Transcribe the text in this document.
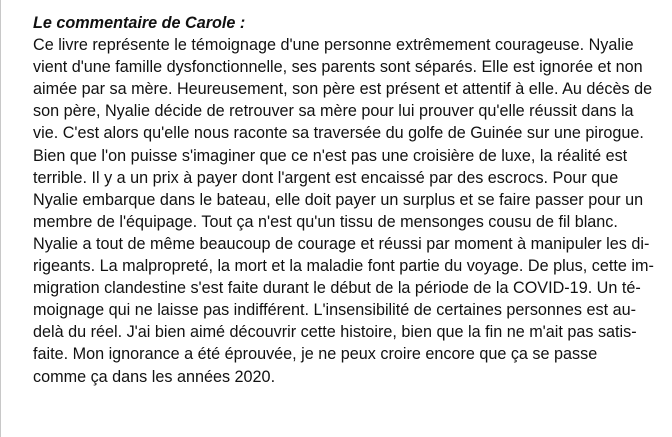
Le commentaire de Carole :
Ce livre représente le témoignage d'une personne extrêmement courageuse. Nyalie
vient d'une famille dysfonctionnelle, ses parents sont séparés. Elle est ignorée et non
aimée par sa mère. Heureusement, son père est présent et attentif à elle. Au décès de
son père, Nyalie décide de retrouver sa mère pour lui prouver qu'elle réussit dans la
vie. C'est alors qu'elle nous raconte sa traversée du golfe de Guinée sur une pirogue.
Bien que l'on puisse s'imaginer que ce n'est pas une croisière de luxe, la réalité est
terrible. Il y a un prix à payer dont l'argent est encaissé par des escrocs. Pour que
Nyalie embarque dans le bateau, elle doit payer un surplus et se faire passer pour un
membre de l'équipage. Tout ça n'est qu'un tissu de mensonges cousu de fil blanc.
Nyalie a tout de même beaucoup de courage et réussi par moment à manipuler les di-
rigeants. La malpropreté, la mort et la maladie font partie du voyage. De plus, cette im-
migration clandestine s'est faite durant le début de la période de la COVID-19. Un té-
moignage qui ne laisse pas indifférent. L'insensibilité de certaines personnes est au-
delà du réel. J'ai bien aimé découvrir cette histoire, bien que la fin ne m'ait pas satis-
faite. Mon ignorance a été éprouvée, je ne peux croire encore que ça se passe
comme ça dans les années 2020.
